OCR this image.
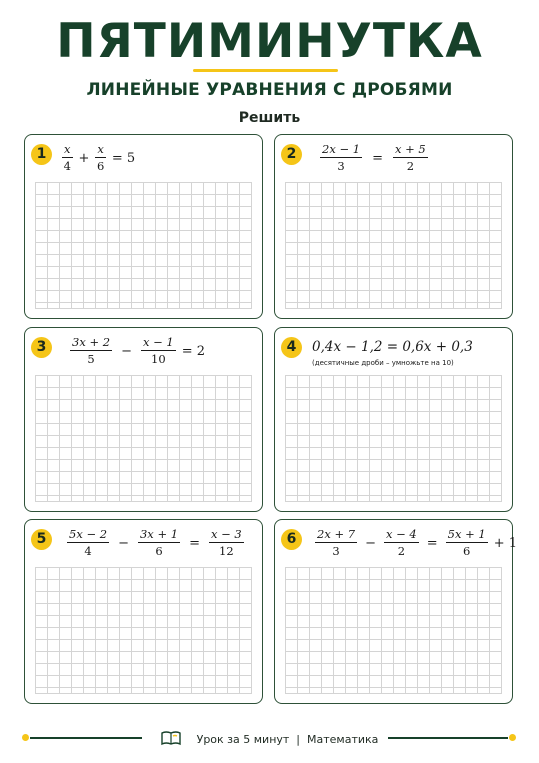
ПЯТИМИНУТКА
ЛИНЕЙНЫЕ УРАВНЕНИЯ С ДРОБЯМИ
Решить
1	$\frac{x}{4} + \frac{x}{6} = 5$	2	$\frac{2x - 1}{3} = \frac{x + 5}{2}$
3	$\frac{3x + 2}{5} - \frac{x - 1}{10} = 2$	4	0,4x − 1,2 = 0,6x + 0,3
(десятичные дроби – умножьте на 10)
5	$\frac{5x - 2}{4} - \frac{3x + 1}{6} = \frac{x - 3}{12}$	6	$\frac{2x + 7}{3} - \frac{x - 4}{2} = \frac{5x + 1}{6} + 1$
Урок за 5 минут  |  Математика
